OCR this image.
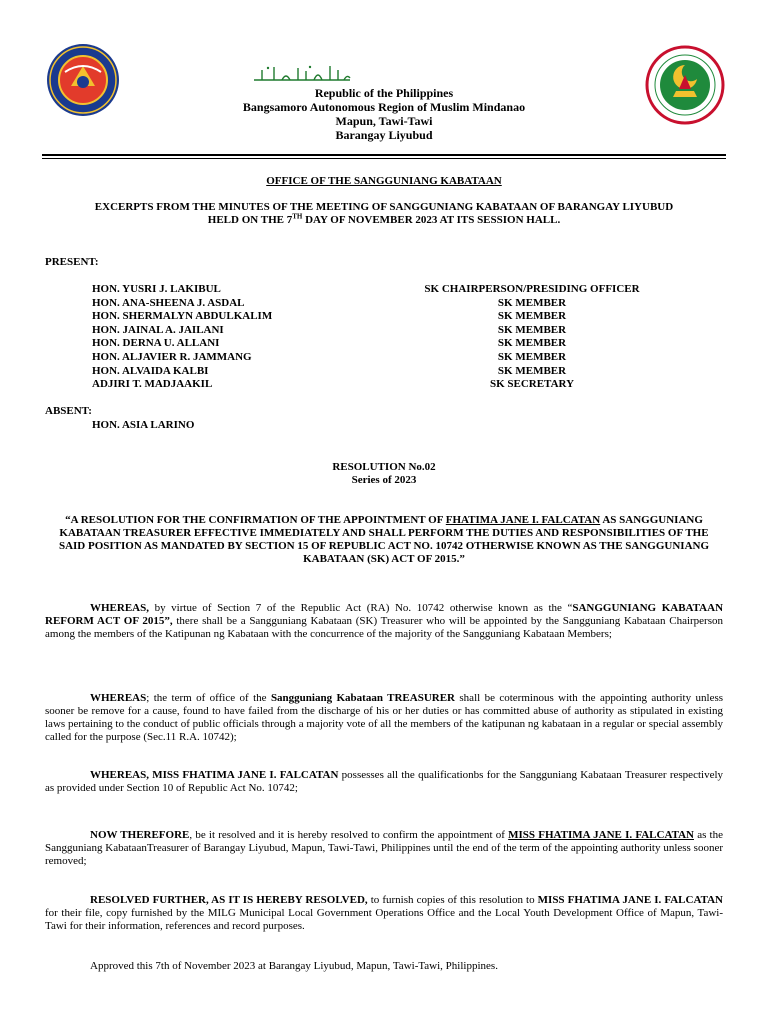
Republic of the Philippines
Bangsamoro Autonomous Region of Muslim Mindanao
Mapun, Tawi-Tawi
Barangay Liyubud
OFFICE OF THE SANGGUNIANG KABATAAN
EXCERPTS FROM THE MINUTES OF THE MEETING OF SANGGUNIANG KABATAAN OF BARANGAY LIYUBUD
HELD ON THE 7TH DAY OF NOVEMBER 2023 AT ITS SESSION HALL.
PRESENT:
HON. YUSRI J. LAKIBUL	SK CHAIRPERSON/PRESIDING OFFICER
HON. ANA-SHEENA J. ASDAL	SK MEMBER
HON. SHERMALYN ABDULKALIM	SK MEMBER
HON. JAINAL A. JAILANI	SK MEMBER
HON. DERNA U. ALLANI	SK MEMBER
HON. ALJAVIER R. JAMMANG	SK MEMBER
HON. ALVAIDA KALBI	SK MEMBER
ADJIRI T. MADJAAKIL	SK SECRETARY
ABSENT:
HON. ASIA LARINO
RESOLUTION No.02
Series of 2023
“A RESOLUTION FOR THE CONFIRMATION OF THE APPOINTMENT OF FHATIMA JANE I. FALCATAN AS SANGGUNIANG KABATAAN TREASURER EFFECTIVE IMMEDIATELY AND SHALL PERFORM THE DUTIES AND RESPONSIBILITIES OF THE SAID POSITION AS MANDATED BY SECTION 15 OF REPUBLIC ACT NO. 10742 OTHERWISE KNOWN AS THE SANGGUNIANG KABATAAN (SK) ACT OF 2015.”
WHEREAS, by virtue of Section 7 of the Republic Act (RA) No. 10742 otherwise known as the “SANGGUNIANG KABATAAN REFORM ACT OF 2015”, there shall be a Sangguniang Kabataan (SK) Treasurer who will be appointed by the Sangguniang Kabataan Chairperson among the members of the Katipunan ng Kabataan with the concurrence of the majority of the Sangguniang Kabataan Members;
WHEREAS; the term of office of the Sangguniang Kabataan TREASURER shall be coterminous with the appointing authority unless sooner be remove for a cause, found to have failed from the discharge of his or her duties or has committed abuse of authority as stipulated in existing laws pertaining to the conduct of public officials through a majority vote of all the members of the katipunan ng kabataan in a regular or special assembly called for the purpose (Sec.11 R.A. 10742);
WHEREAS, MISS FHATIMA JANE I. FALCATAN possesses all the qualificationbs for the Sangguniang Kabataan Treasurer respectively as provided under Section 10 of Republic Act No. 10742;
NOW THEREFORE, be it resolved and it is hereby resolved to confirm the appointment of MISS FHATIMA JANE I. FALCATAN as the Sangguniang KabataanTreasurer of Barangay Liyubud, Mapun, Tawi-Tawi, Philippines until the end of the term of the appointing authority unless sooner removed;
RESOLVED FURTHER, AS IT IS HEREBY RESOLVED, to furnish copies of this resolution to MISS FHATIMA JANE I. FALCATAN for their file, copy furnished by the MILG Municipal Local Government Operations Office and the Local Youth Development Office of Mapun, Tawi-Tawi for their information, references and record purposes.
Approved this 7th of November 2023 at Barangay Liyubud, Mapun, Tawi-Tawi, Philippines.
